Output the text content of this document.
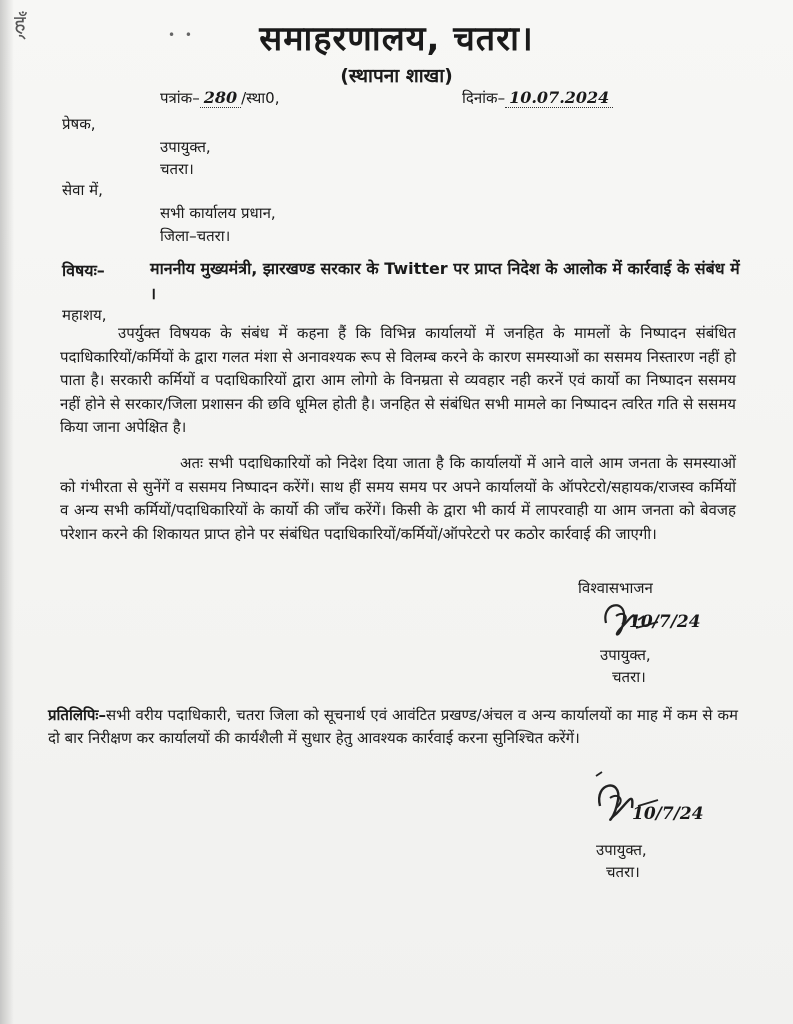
ह्ँ	• •	समाहरणालय, चतरा।
(स्थापना शाखा)
पत्रांक– 280 /स्था0,	दिनांक– 10.07.2024
प्रेषक,
उपायुक्त,
चतरा।
सेवा में,
सभी कार्यालय प्रधान,
जिला–चतरा।
विषयः–	माननीय मुख्यमंत्री, झारखण्ड सरकार के Twitter पर प्राप्त निदेश के आलोक में कार्रवाई के संबंध में ।
महाशय,
उपर्युक्त विषयक के संबंध में कहना हैं कि विभिन्न कार्यालयों में जनहित के मामलों के निष्पादन संबंधित पदाधिकारियों/कर्मियों के द्वारा गलत मंशा से अनावश्यक रूप से विलम्ब करने के कारण समस्याओं का ससमय निस्तारण नहीं हो पाता है। सरकारी कर्मियों व पदाधिकारियों द्वारा आम लोगो के विनम्रता से व्यवहार नही करनें एवं कार्यो का निष्पादन ससमय नहीं होने से सरकार/जिला प्रशासन की छवि धूमिल होती है। जनहित से संबंधित सभी मामले का निष्पादन त्वरित गति से ससमय किया जाना अपेक्षित है।
अतः सभी पदाधिकारियों को निदेश दिया जाता है कि कार्यालयों में आने वाले आम जनता के समस्याओं को गंभीरता से सुनेंगें व ससमय निष्पादन करेंगें। साथ हीं समय समय पर अपने कार्यालयों के ऑपरेटरो/सहायक/राजस्व कर्मियों व अन्य सभी कर्मियों/पदाधिकारियों के कार्यो की जाँच करेंगें। किसी के द्वारा भी कार्य में लापरवाही या आम जनता को बेवजह परेशान करने की शिकायत प्राप्त होने पर संबंधित पदाधिकारियों/कर्मियों/ऑपरेटरो पर कठोर कार्रवाई की जाएगी।
विश्वासभाजन
10/7/24
उपायुक्त,
चतरा।
प्रतिलिपिः–सभी वरीय पदाधिकारी, चतरा जिला को सूचनार्थ एवं आवंटित प्रखण्ड/अंचल व अन्य कार्यालयों का माह में कम से कम दो बार निरीक्षण कर कार्यालयों की कार्यशैली में सुधार हेतु आवश्यक कार्रवाई करना सुनिश्चित करेंगें।
10/7/24
उपायुक्त,
चतरा।
